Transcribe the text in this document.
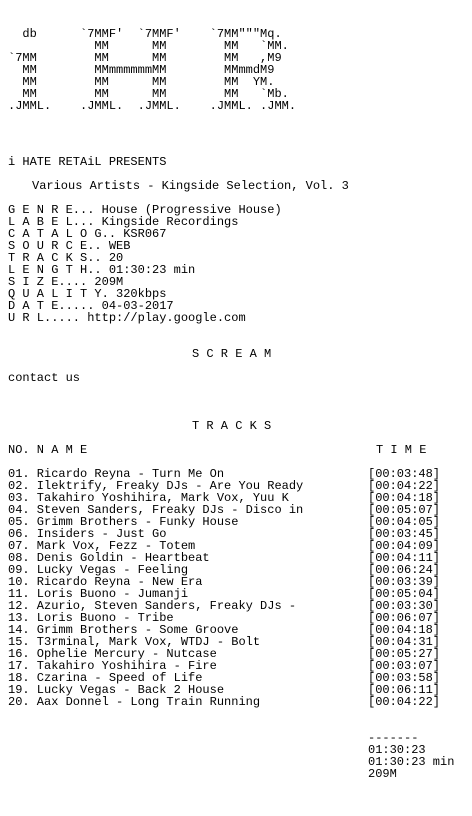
db      `7MMF'  `7MMF'    `7MM"""Mq.
MM      MM        MM   `MM.
`7MM        MM      MM        MM   ,M9
MM        MMmmmmmmMM        MMmmdM9
MM        MM      MM        MM  YM.
MM        MM      MM        MM   `Mb.
.JMML.    .JMML.  .JMML.    .JMML. .JMM.
i HATE RETAiL PRESENTS
Various Artists - Kingside Selection, Vol. 3
G E N R E... House (Progressive House)
L A B E L... Kingside Recordings
C A T A L O G.. KSR067
S O U R C E.. WEB
T R A C K S.. 20
L E N G T H.. 01:30:23 min
S I Z E.... 209M
Q U A L I T Y. 320kbps
D A T E..... 04-03-2017
U R L..... http://play.google.com
S C R E A M
contact us
T R A C K S
NO. N A M E	T I M E
01. Ricardo Reyna - Turn Me On	[00:03:48]
02. Ilektrify, Freaky DJs - Are You Ready	[00:04:22]
03. Takahiro Yoshihira, Mark Vox, Yuu K	[00:04:18]
04. Steven Sanders, Freaky DJs - Disco in	[00:05:07]
05. Grimm Brothers - Funky House	[00:04:05]
06. Insiders - Just Go	[00:03:45]
07. Mark Vox, Fezz - Totem	[00:04:09]
08. Denis Goldin - Heartbeat	[00:04:11]
09. Lucky Vegas - Feeling	[00:06:24]
10. Ricardo Reyna - New Era	[00:03:39]
11. Loris Buono - Jumanji	[00:05:04]
12. Azurio, Steven Sanders, Freaky DJs -	[00:03:30]
13. Loris Buono - Tribe	[00:06:07]
14. Grimm Brothers - Some Groove	[00:04:18]
15. T3rminal, Mark Vox, WTDJ - Bolt	[00:04:31]
16. Ophelie Mercury - Nutcase	[00:05:27]
17. Takahiro Yoshihira - Fire	[00:03:07]
18. Czarina - Speed of Life	[00:03:58]
19. Lucky Vegas - Back 2 House	[00:06:11]
20. Aax Donnel - Long Train Running	[00:04:22]
-------
01:30:23
01:30:23 min
209M
